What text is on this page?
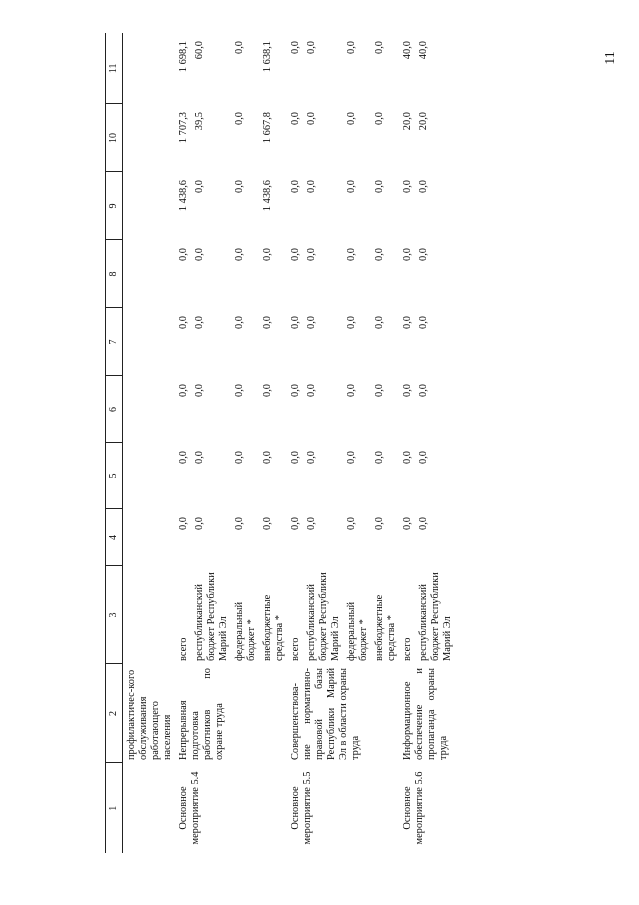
11
1	2	3	4	5	6	7	8	9	10	11
	профилактичес-кого обслуживания работающего населения									
Основное мероприятие 5.4	Непрерывная подготовка работников по охране труда	всего	0,0	0,0	0,0	0,0	0,0	1 438,6	1 707,3	1 698,1
		республиканский бюджет Республики Марий Эл	0,0	0,0	0,0	0,0	0,0	0,0	39,5	60,0
		федеральный бюджет *	0,0	0,0	0,0	0,0	0,0	0,0	0,0	0,0
		внебюджетные средства *	0,0	0,0	0,0	0,0	0,0	1 438,6	1 667,8	1 638,1
Основное мероприятие 5.5	Совершенствова-ние нормативно-правовой базы Республики Марий Эл в области охраны труда	всего	0,0	0,0	0,0	0,0	0,0	0,0	0,0	0,0
		республиканский бюджет Республики Марий Эл	0,0	0,0	0,0	0,0	0,0	0,0	0,0	0,0
		федеральный бюджет *	0,0	0,0	0,0	0,0	0,0	0,0	0,0	0,0
		внебюджетные средства *	0,0	0,0	0,0	0,0	0,0	0,0	0,0	0,0
Основное мероприятие 5.6	Информационное обеспечение и пропаганда охраны труда	всего	0,0	0,0	0,0	0,0	0,0	0,0	20,0	40,0
		республиканский бюджет Республики Марий Эл	0,0	0,0	0,0	0,0	0,0	0,0	20,0	40,0
